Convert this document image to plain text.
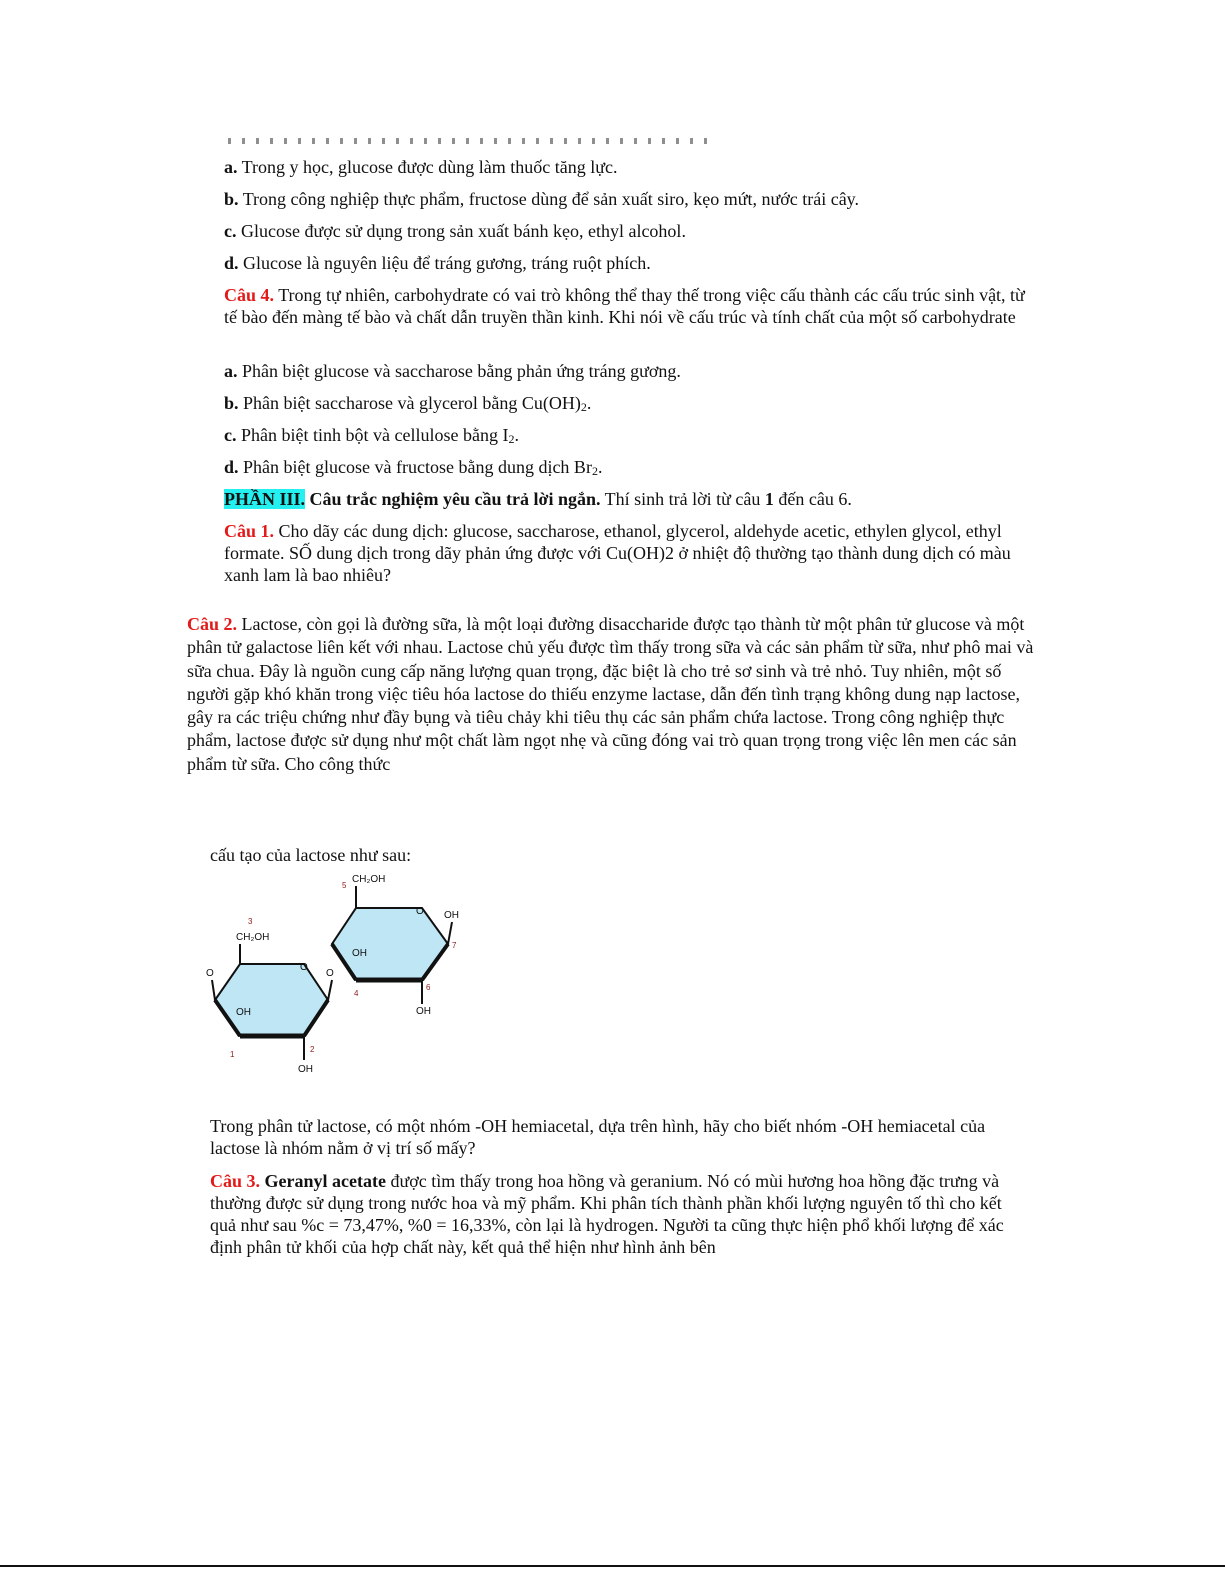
a. Trong y học, glucose được dùng làm thuốc tăng lực.

b. Trong công nghiệp thực phẩm, fructose dùng để sản xuất siro, kẹo mứt, nước trái cây.

c. Glucose được sử dụng trong sản xuất bánh kẹo, ethyl alcohol.

d. Glucose là nguyên liệu để tráng gương, tráng ruột phích.

Câu 4. Trong tự nhiên, carbohydrate có vai trò không thể thay thế trong việc cấu thành các cấu trúc sinh vật, từ tế bào đến màng tế bào và chất dẫn truyền thần kinh. Khi nói về cấu trúc và tính chất của một số carbohydrate

a. Phân biệt glucose và saccharose bằng phản ứng tráng gương.

b. Phân biệt saccharose và glycerol bằng $Cu(OH)_2$.

c. Phân biệt tinh bột và cellulose bằng $I_2$.

d. Phân biệt glucose và fructose bằng dung dịch $Br_2$.

PHẦN III. Câu trắc nghiệm yêu cầu trả lời ngắn. Thí sinh trả lời từ câu 1 đến câu 6.

Câu 1. Cho dãy các dung dịch: glucose, saccharose, ethanol, glycerol, aldehyde acetic, ethylen glycol, ethyl formate. SỐ dung dịch trong dãy phản ứng được với Cu(OH)2 ở nhiệt độ thường tạo thành dung dịch có màu xanh lam là bao nhiêu?

Câu 2. Lactose, còn gọi là đường sữa, là một loại đường disaccharide được tạo thành từ một phân tử glucose và một phân tử galactose liên kết với nhau. Lactose chủ yếu được tìm thấy trong sữa và các sản phẩm từ sữa, như phô mai và sữa chua. Đây là nguồn cung cấp năng lượng quan trọng, đặc biệt là cho trẻ sơ sinh và trẻ nhỏ. Tuy nhiên, một số người gặp khó khăn trong việc tiêu hóa lactose do thiếu enzyme lactase, dẫn đến tình trạng không dung nạp lactose, gây ra các triệu chứng như đầy bụng và tiêu chảy khi tiêu thụ các sản phẩm chứa lactose. Trong công nghiệp thực phẩm, lactose được sử dụng như một chất làm ngọt nhẹ và cũng đóng vai trò quan trọng trong việc lên men các sản phẩm từ sữa. Cho công thức

cấu tạo của lactose như sau:

CH₂OH
CH₂OH
O
O	O
O
OH
OH
OH
OH
OH
1
2
3
4
5
6
7

Trong phân tử lactose, có một nhóm -OH hemiacetal, dựa trên hình, hãy cho biết nhóm -OH hemiacetal của lactose là nhóm nằm ở vị trí số mấy?

Câu 3. Geranyl acetate được tìm thấy trong hoa hồng và geranium. Nó có mùi hương hoa hồng đặc trưng và thường được sử dụng trong nước hoa và mỹ phẩm. Khi phân tích thành phần khối lượng nguyên tố thì cho kết quả như sau %c = 73,47%, %0 = 16,33%, còn lại là hydrogen. Người ta cũng thực hiện phổ khối lượng để xác định phân tử khối của hợp chất này, kết quả thể hiện như hình ảnh bên
